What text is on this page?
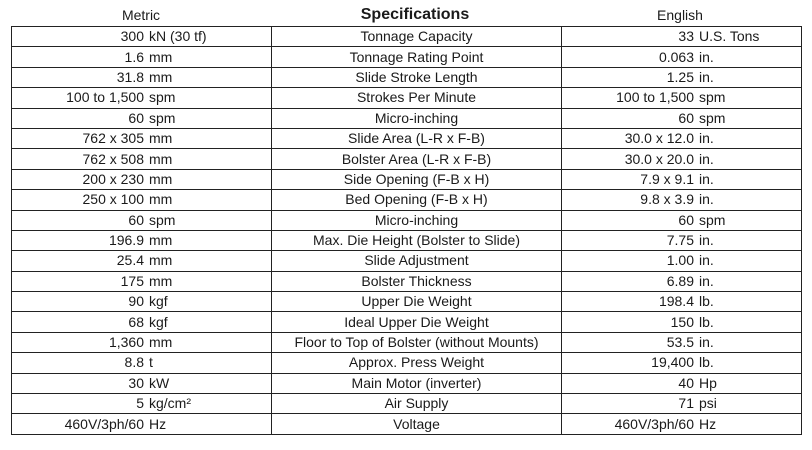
Metric	Specifications	English
300 kN (30 tf)	Tonnage Capacity	33 U.S. Tons

1.6 mm	Tonnage Rating Point	0.063 in.

31.8 mm	Slide Stroke Length	1.25 in.

100 to 1,500 spm	Strokes Per Minute	100 to 1,500 spm

60 spm	Micro-inching	60 spm

762 x 305 mm	Slide Area (L-R x F-B)	30.0 x 12.0 in.

762 x 508 mm	Bolster Area (L-R x F-B)	30.0 x 20.0 in.

200 x 230 mm	Side Opening (F-B x H)	7.9 x 9.1 in.

250 x 100 mm	Bed Opening (F-B x H)	9.8 x 3.9 in.

60 spm	Micro-inching	60 spm

196.9 mm	Max. Die Height (Bolster to Slide)	7.75 in.

25.4 mm	Slide Adjustment	1.00 in.

175 mm	Bolster Thickness	6.89 in.

90 kgf	Upper Die Weight	198.4 lb.

68 kgf	Ideal Upper Die Weight	150 lb.

1,360 mm	Floor to Top of Bolster (without Mounts)	53.5 in.

8.8 t	Approx. Press Weight	19,400 lb.

30 kW	Main Motor (inverter)	40 Hp

5 kg/cm²	Air Supply	71 psi

460V/3ph/60 Hz	Voltage	460V/3ph/60 Hz
